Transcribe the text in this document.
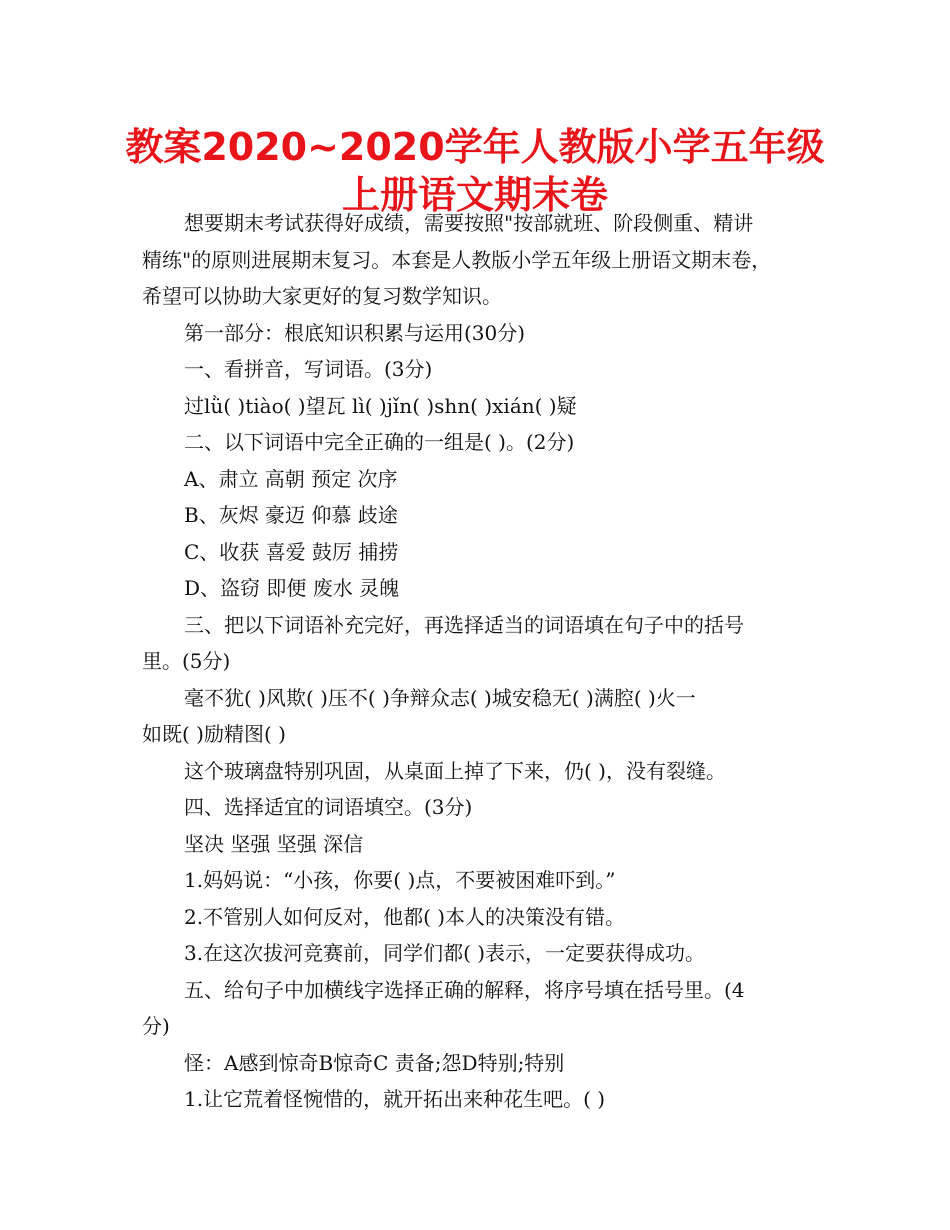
教案2020~2020学年人教版小学五年级
上册语文期末卷
想要期末考试获得好成绩，需要按照"按部就班、阶段侧重、精讲
精练"的原则进展期末复习。本套是人教版小学五年级上册语文期末卷，
希望可以协助大家更好的复习数学知识。
第一部分：根底知识积累与运用(30分)
一、看拼音，写词语。(3分)
过lǜ( )tiào( )望瓦 lì( )jǐn( )shn( )xián( )疑
二、以下词语中完全正确的一组是( )。(2分)
A、肃立 高朝 预定 次序
B、灰烬 豪迈 仰慕 歧途
C、收获 喜爱 鼓厉 捕捞
D、盗窃 即便 废水 灵魄
三、把以下词语补充完好，再选择适当的词语填在句子中的括号
里。(5分)
毫不犹( )风欺( )压不( )争辩众志( )城安稳无( )满腔( )火一
如既( )励精图( )
这个玻璃盘特别巩固，从桌面上掉了下来，仍( )，没有裂缝。
四、选择适宜的词语填空。(3分)
坚决 坚强 坚强 深信
1.妈妈说：“小孩，你要( )点，不要被困难吓到。”
2.不管别人如何反对，他都( )本人的决策没有错。
3.在这次拔河竞赛前，同学们都( )表示，一定要获得成功。
五、给句子中加横线字选择正确的解释，将序号填在括号里。(4
分)
怪：A感到惊奇B惊奇C 责备;怨D特别;特别
1.让它荒着怪惋惜的，就开拓出来种花生吧。( )
